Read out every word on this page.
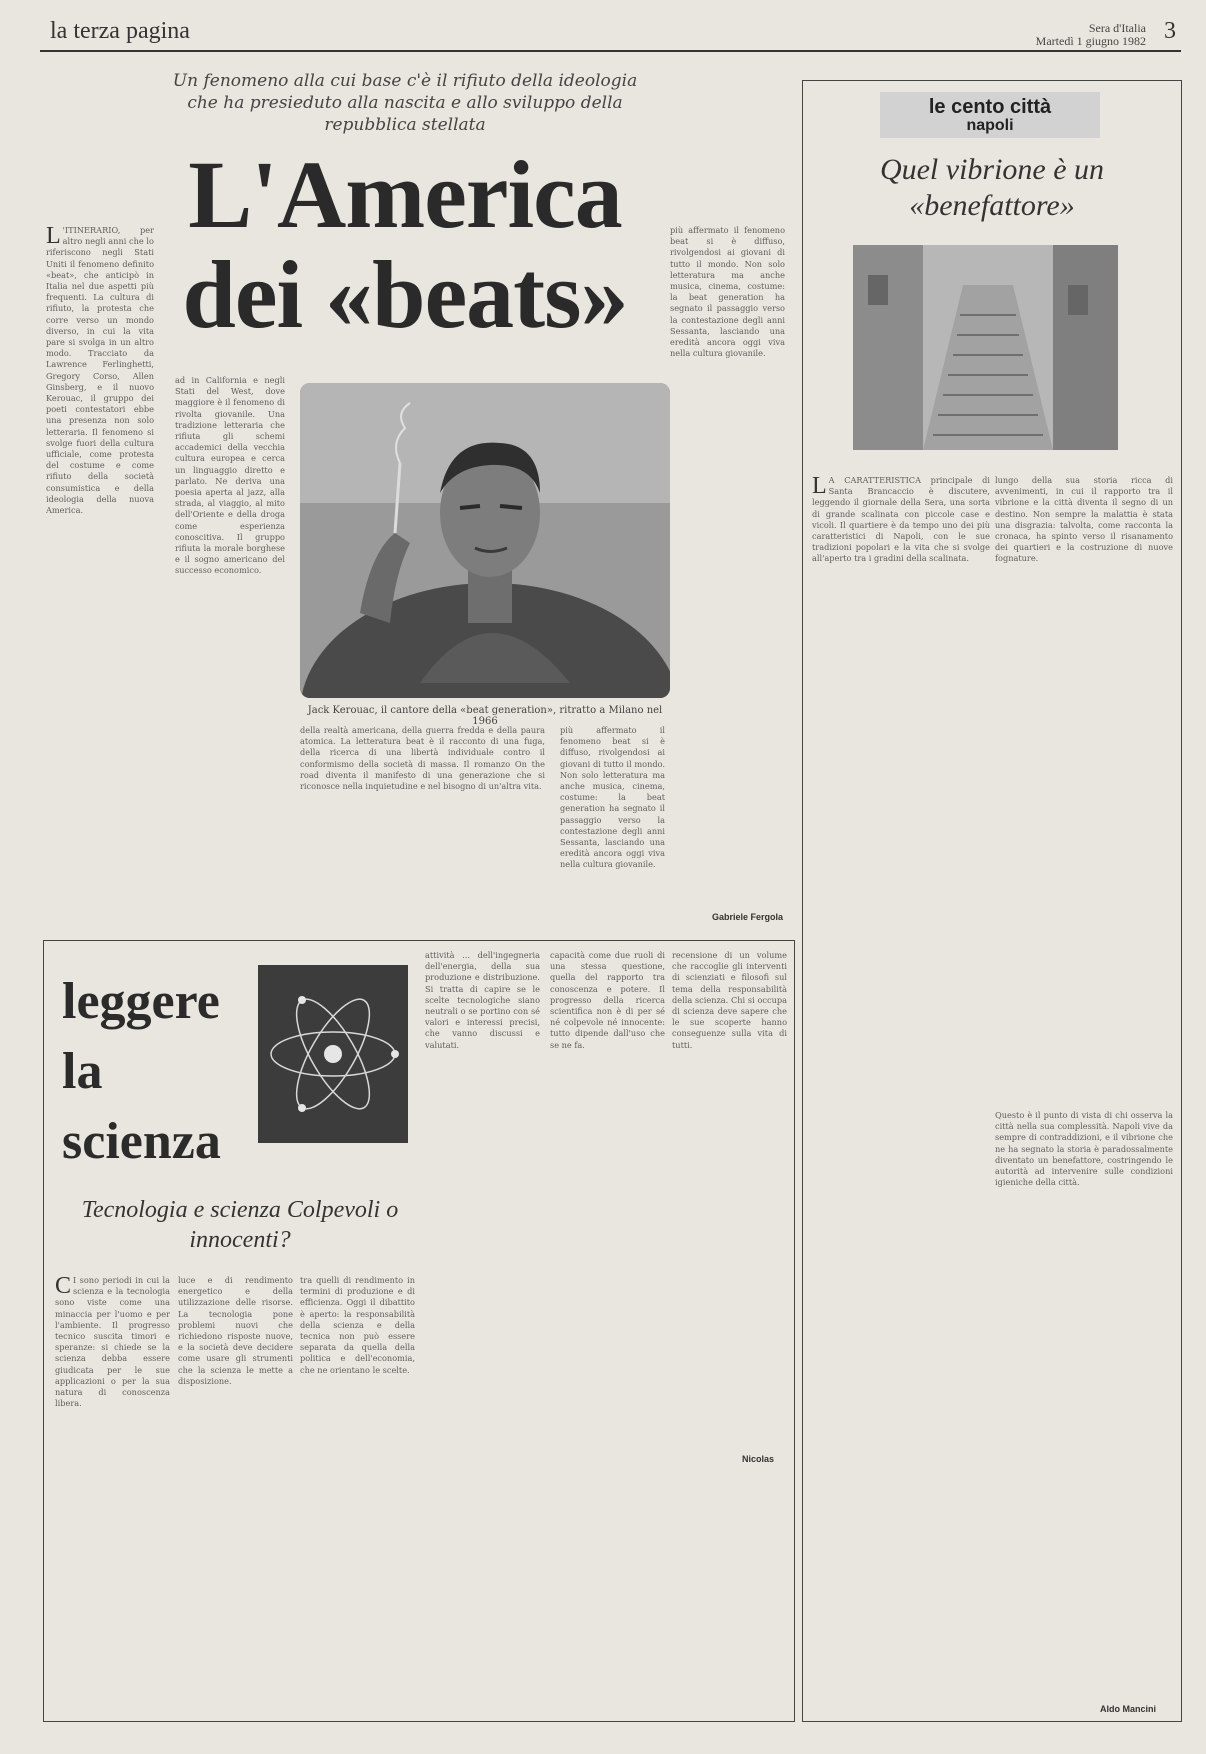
la terza pagina	Sera d'Italia
Martedì 1 giugno 1982 3
Un fenomeno alla cui base c'è il rifiuto della ideologia che ha presieduto alla nascita e allo sviluppo della repubblica stellata
L'America
dei «beats»
Jack Kerouac, il cantore della «beat generation», ritratto a Milano nel 1966
L 'ITINERARIO, per altro negli anni che lo riferiscono negli Stati Uniti il fenomeno definito «beat», che anticipò in Italia nel due aspetti più frequenti. La cultura di rifiuto, la protesta che corre verso un mondo diverso, in cui la vita pare si svolga in un altro modo. Tracciato da Lawrence Ferlinghetti, Gregory Corso, Allen Ginsberg, e il nuovo Kerouac, il gruppo dei poeti contestatori ebbe una presenza non solo letteraria. Il fenomeno si svolge fuori della cultura ufficiale, come protesta del costume e come rifiuto della società consumistica e della ideologia della nuova America.
ad in California e negli Stati del West, dove maggiore è il fenomeno di rivolta giovanile. Una tradizione letteraria che rifiuta gli schemi accademici della vecchia cultura europea e cerca un linguaggio diretto e parlato. Ne deriva una poesia aperta al jazz, alla strada, al viaggio, al mito dell'Oriente e della droga come esperienza conoscitiva. Il gruppo rifiuta la morale borghese e il sogno americano del successo economico.
della realtà americana, della guerra fredda e della paura atomica. La letteratura beat è il racconto di una fuga, della ricerca di una libertà individuale contro il conformismo della società di massa. Il romanzo On the road diventa il manifesto di una generazione che si riconosce nella inquietudine e nel bisogno di un'altra vita.
più affermato il fenomeno beat si è diffuso, rivolgendosi ai giovani di tutto il mondo. Non solo letteratura ma anche musica, cinema, costume: la beat generation ha segnato il passaggio verso la contestazione degli anni Sessanta, lasciando una eredità ancora oggi viva nella cultura giovanile.
più affermato il fenomeno beat si è diffuso, rivolgendosi ai giovani di tutto il mondo. Non solo letteratura ma anche musica, cinema, costume: la beat generation ha segnato il passaggio verso la contestazione degli anni Sessanta, lasciando una eredità ancora oggi viva nella cultura giovanile.
Gabriele Fergola
le cento città
napoli
Quel vibrione è un «benefattore»
L A CARATTERISTICA principale di Santa Brancaccio è discutere, leggendo il giornale della Sera, una sorta di grande scalinata con piccole case e vicoli. Il quartiere è da tempo uno dei più caratteristici di Napoli, con le sue tradizioni popolari e la vita che si svolge all'aperto tra i gradini della scalinata.
lungo della sua storia ricca di avvenimenti, in cui il rapporto tra il vibrione e la città diventa il segno di un destino. Non sempre la malattia è stata una disgrazia: talvolta, come racconta la cronaca, ha spinto verso il risanamento dei quartieri e la costruzione di nuove fognature.
Questo è il punto di vista di chi osserva la città nella sua complessità. Napoli vive da sempre di contraddizioni, e il vibrione che ne ha segnato la storia è paradossalmente diventato un benefattore, costringendo le autorità ad intervenire sulle condizioni igieniche della città.
Aldo Mancini
leggere
la
scienza
Tecnologia e scienza Colpevoli o innocenti?
C I sono periodi in cui la scienza e la tecnologia sono viste come una minaccia per l'uomo e per l'ambiente. Il progresso tecnico suscita timori e speranze: si chiede se la scienza debba essere giudicata per le sue applicazioni o per la sua natura di conoscenza libera.
luce e di rendimento energetico e della utilizzazione delle risorse. La tecnologia pone problemi nuovi che richiedono risposte nuove, e la società deve decidere come usare gli strumenti che la scienza le mette a disposizione.
tra quelli di rendimento in termini di produzione e di efficienza. Oggi il dibattito è aperto: la responsabilità della scienza e della tecnica non può essere separata da quella della politica e dell'economia, che ne orientano le scelte.
attività ... dell'ingegneria dell'energia, della sua produzione e distribuzione. Si tratta di capire se le scelte tecnologiche siano neutrali o se portino con sé valori e interessi precisi, che vanno discussi e valutati.
capacità come due ruoli di una stessa questione, quella del rapporto tra conoscenza e potere. Il progresso della ricerca scientifica non è di per sé né colpevole né innocente: tutto dipende dall'uso che se ne fa.
recensione di un volume che raccoglie gli interventi di scienziati e filosofi sul tema della responsabilità della scienza. Chi si occupa di scienza deve sapere che le sue scoperte hanno conseguenze sulla vita di tutti.
Nicolas
